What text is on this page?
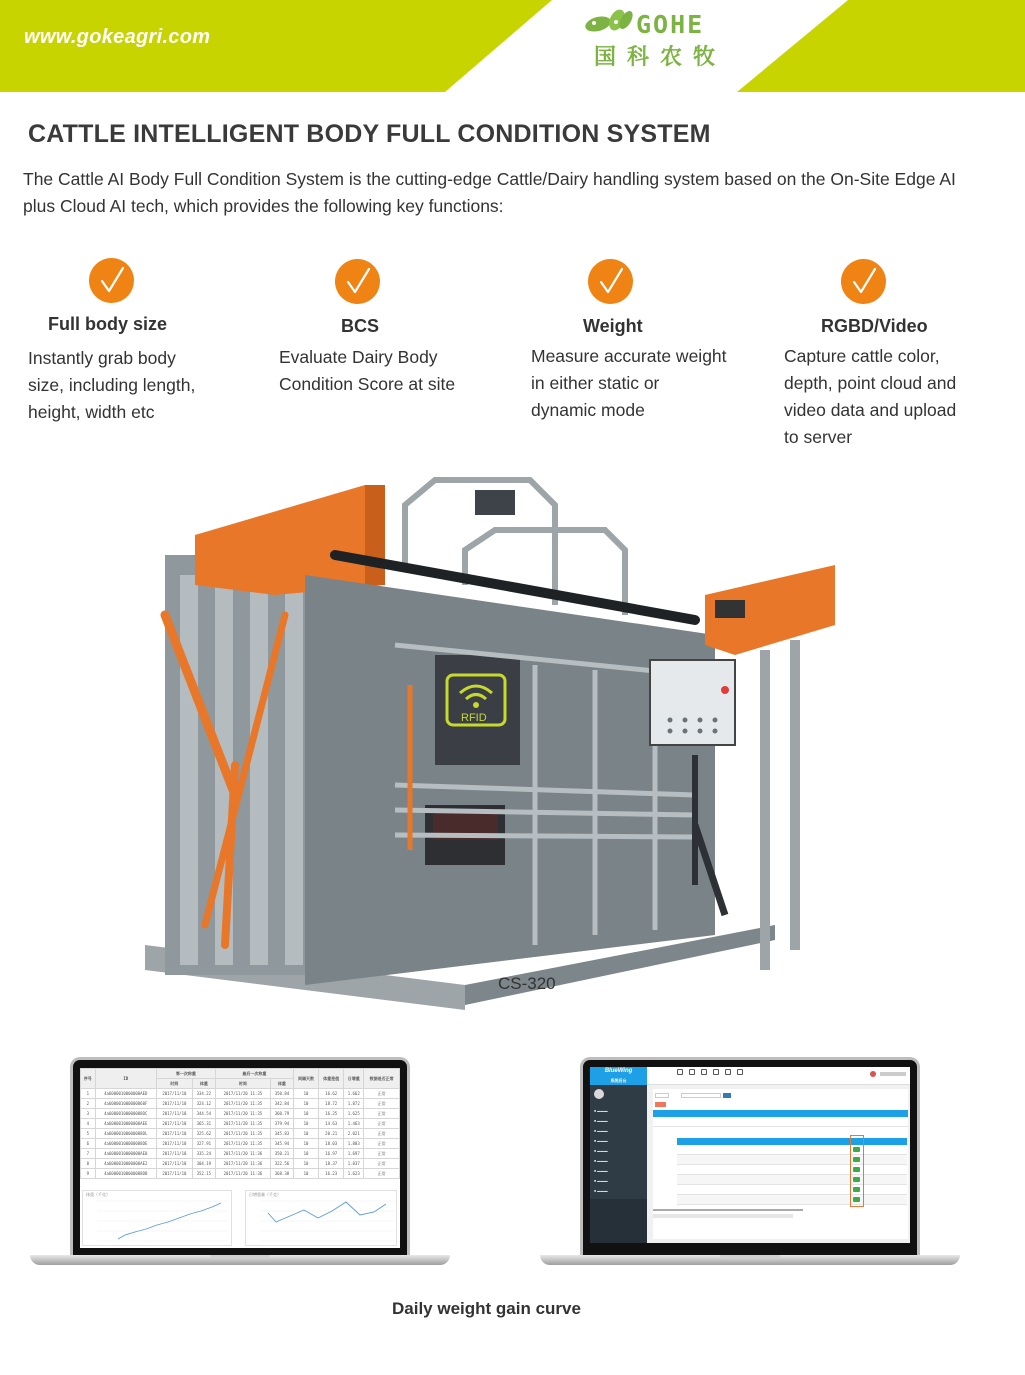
www.gokeagri.com	GOHE
国科农牧
CATTLE INTELLIGENT BODY FULL CONDITION SYSTEM
The Cattle AI Body Full Condition System is the cutting-edge Cattle/Dairy handling system based on the On-Site Edge AI
plus Cloud AI tech, which provides the following key functions:
Full body size
Instantly grab body
size, including length,
height, width etc
BCS
Evaluate Dairy Body
Condition Score at site
Weight
Measure accurate weight
in either static or
dynamic mode
RGBD/Video
Capture cattle color,
depth, point cloud and
video data and upload
to server
RFID
CS-320
序号	ID	第一次称重		最后一次称重		间隔天数	体重差值	日增重	数据是否正常
		时间	体重	时间	体重				
1	4a6000010000008AED	2017/11/10	334.22	2017/11/20 11:35	350.84	10	16.62	1.662	正常
2	4a600001000000860F	2017/11/10	324.12	2017/11/20 11:35	342.84	10	18.72	1.872	正常
3	4a60000100000088DC	2017/11/10	344.54	2017/11/20 11:35	360.79	10	16.25	1.625	正常
4	4a6000010000008AEE	2017/11/10	365.31	2017/11/20 11:35	379.94	10	14.63	1.463	正常
5	4a60000100000088DL	2017/11/10	325.62	2017/11/20 11:35	345.83	10	20.21	2.021	正常
6	4a60000100000088DE	2017/11/10	327.91	2017/11/20 11:35	345.94	10	18.03	1.803	正常
7	4a6000010000008AE0	2017/11/10	335.24	2017/11/20 11:36	350.21	10	16.97	1.697	正常
8	4a6000010000008AE2	2017/11/10	304.19	2017/11/20 11:36	322.56	10	18.37	1.837	正常
9	4a60000100000088DB	2017/11/10	352.15	2017/11/20 11:36	368.38	10	16.23	1.623	正常
体重（千克）	日增重量（千克）
BlueWing
系统后台
■ ▬▬▬
■ ▬▬▬
■ ▬▬▬
■ ▬▬▬
■ ▬▬▬
■ ▬▬▬
■ ▬▬▬
■ ▬▬▬
■ ▬▬▬
Daily weight gain curve
